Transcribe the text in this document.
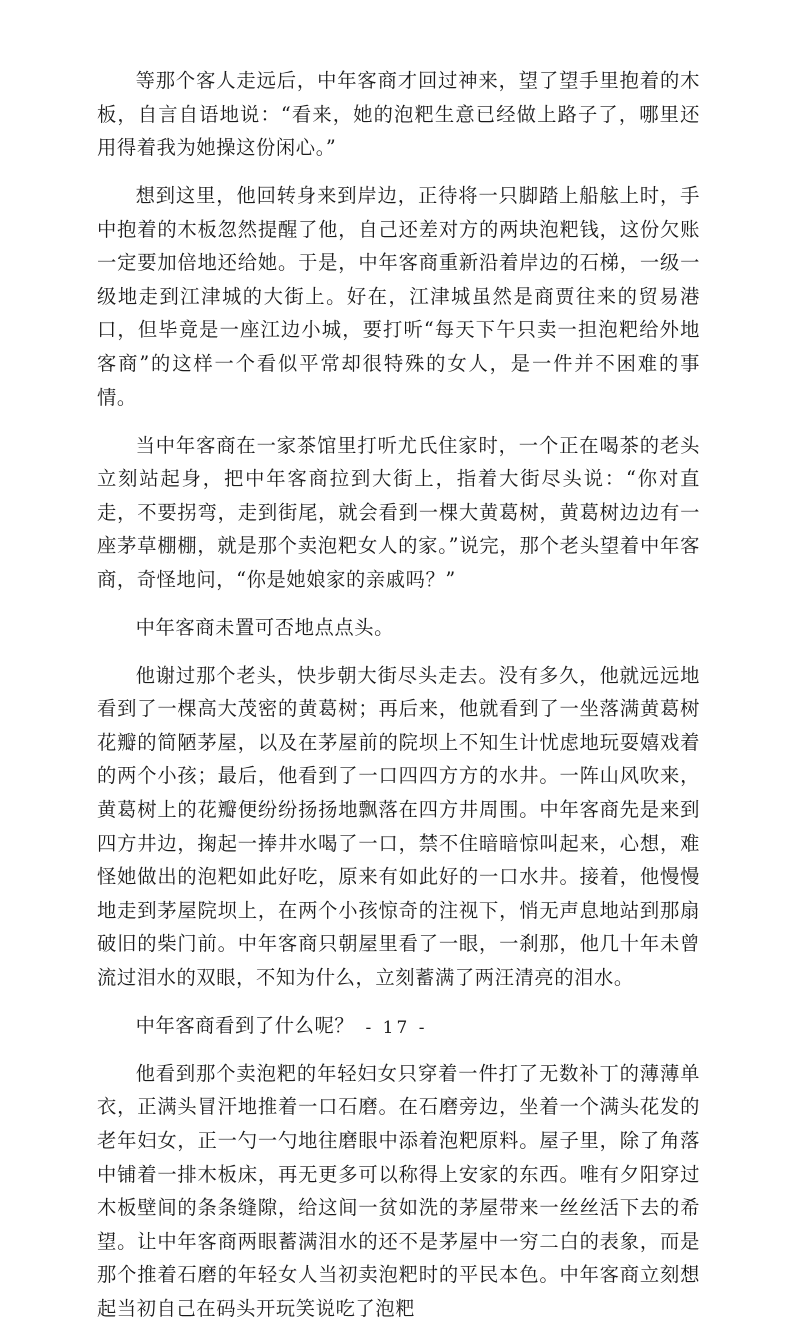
等那个客人走远后，中年客商才回过神来，望了望手里抱着的木板，自言自语地说：“看来，她的泡粑生意已经做上路子了，哪里还用得着我为她操这份闲心。”

想到这里，他回转身来到岸边，正待将一只脚踏上船舷上时，手中抱着的木板忽然提醒了他，自己还差对方的两块泡粑钱，这份欠账一定要加倍地还给她。于是，中年客商重新沿着岸边的石梯，一级一级地走到江津城的大街上。好在，江津城虽然是商贾往来的贸易港口，但毕竟是一座江边小城，要打听“每天下午只卖一担泡粑给外地客商”的这样一个看似平常却很特殊的女人，是一件并不困难的事情。

当中年客商在一家茶馆里打听尤氏住家时，一个正在喝茶的老头立刻站起身，把中年客商拉到大街上，指着大街尽头说：“你对直走，不要拐弯，走到街尾，就会看到一棵大黄葛树，黄葛树边边有一座茅草棚棚，就是那个卖泡粑女人的家。”说完，那个老头望着中年客商，奇怪地问，“你是她娘家的亲戚吗？”

中年客商未置可否地点点头。

他谢过那个老头，快步朝大街尽头走去。没有多久，他就远远地看到了一棵高大茂密的黄葛树；再后来，他就看到了一坐落满黄葛树花瓣的简陋茅屋，以及在茅屋前的院坝上不知生计忧虑地玩耍嬉戏着的两个小孩；最后，他看到了一口四四方方的水井。一阵山风吹来，黄葛树上的花瓣便纷纷扬扬地飘落在四方井周围。中年客商先是来到四方井边，掬起一捧井水喝了一口，禁不住暗暗惊叫起来，心想，难怪她做出的泡粑如此好吃，原来有如此好的一口水井。接着，他慢慢地走到茅屋院坝上，在两个小孩惊奇的注视下，悄无声息地站到那扇破旧的柴门前。中年客商只朝屋里看了一眼，一刹那，他几十年未曾流过泪水的双眼，不知为什么，立刻蓄满了两汪清亮的泪水。

中年客商看到了什么呢？

他看到那个卖泡粑的年轻妇女只穿着一件打了无数补丁的薄薄单衣，正满头冒汗地推着一口石磨。在石磨旁边，坐着一个满头花发的老年妇女，正一勺一勺地往磨眼中添着泡粑原料。屋子里，除了角落中铺着一排木板床，再无更多可以称得上安家的东西。唯有夕阳穿过木板壁间的条条缝隙，给这间一贫如洗的茅屋带来一丝丝活下去的希望。让中年客商两眼蓄满泪水的还不是茅屋中一穷二白的表象，而是那个推着石磨的年轻女人当初卖泡粑时的平民本色。中年客商立刻想起当初自己在码头开玩笑说吃了泡粑

- 17 -
